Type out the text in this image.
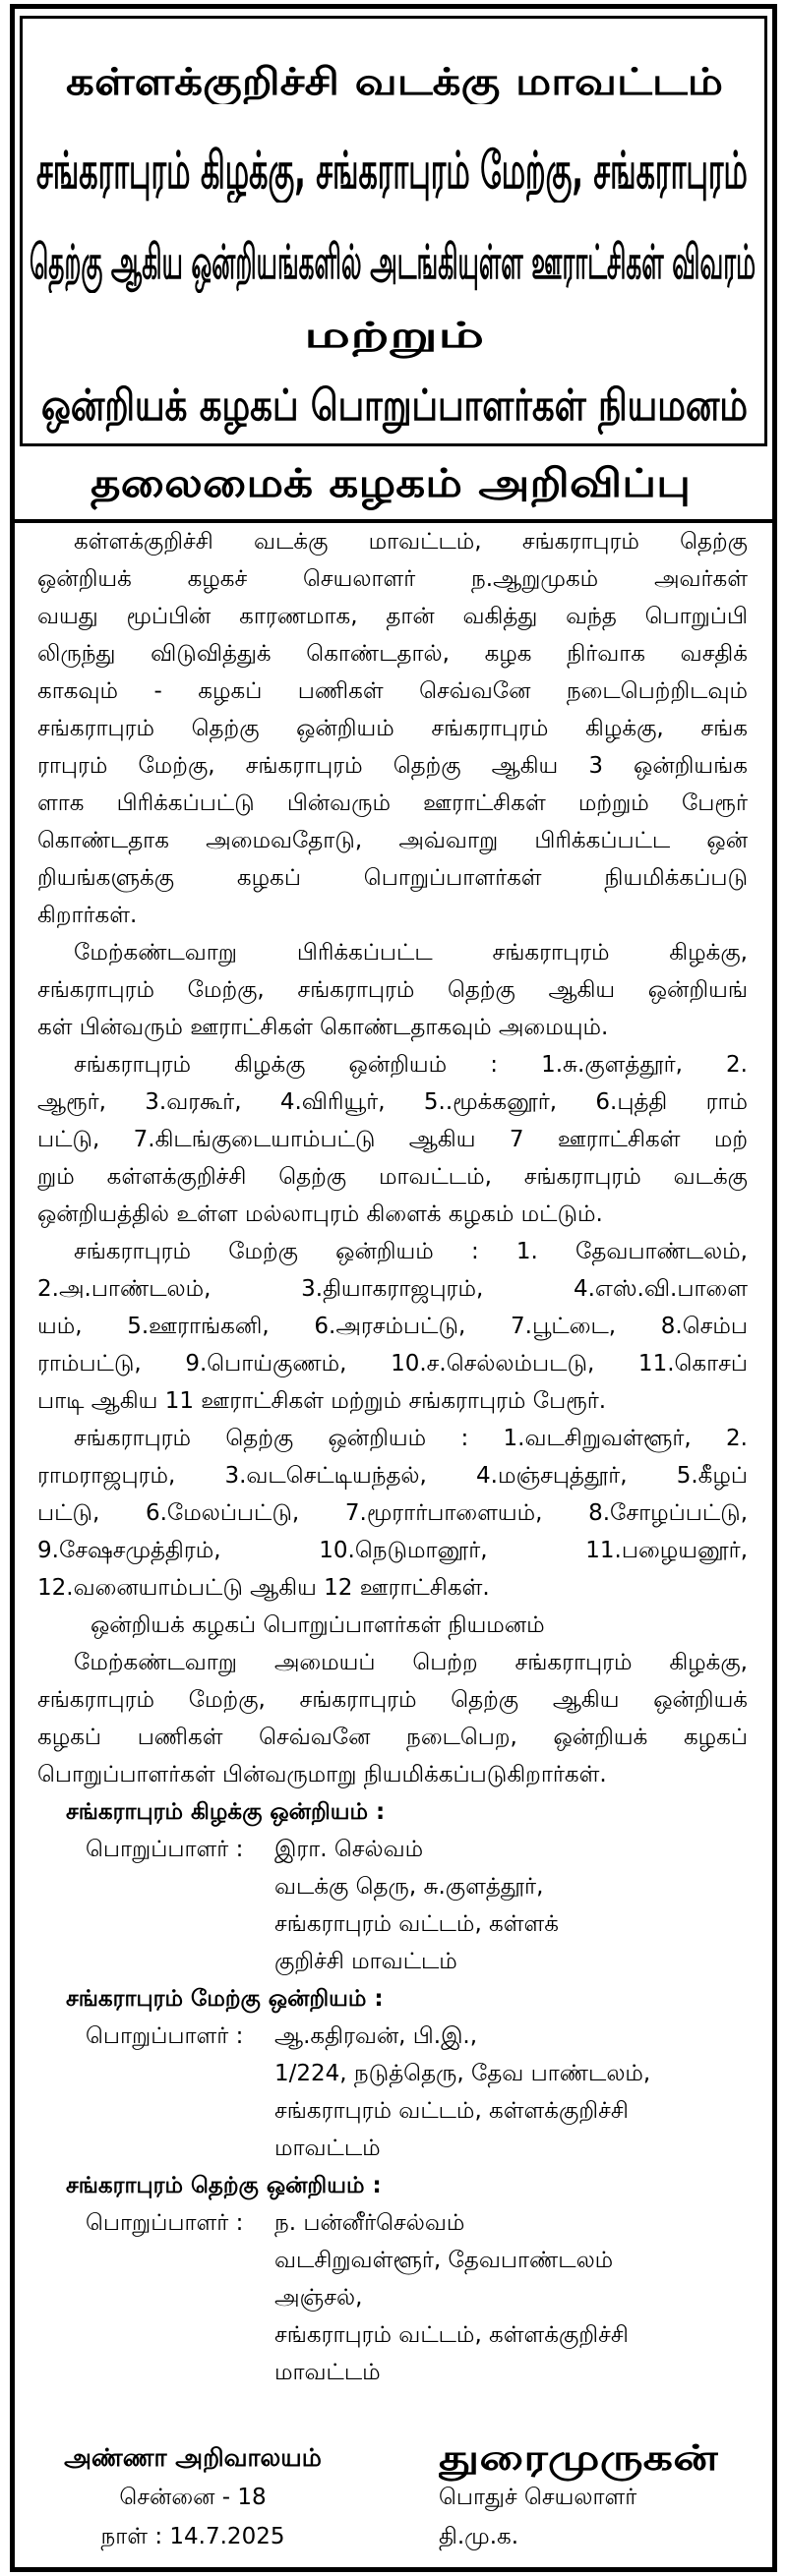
கள்ளக்குறிச்சி வடக்கு மாவட்டம்
சங்கராபுரம் கிழக்கு, சங்கராபுரம் மேற்கு, சங்கராபுரம்
தெற்கு ஆகிய ஒன்றியங்களில் அடங்கியுள்ள ஊராட்சிகள் விவரம்
மற்றும்
ஒன்றியக் கழகப் பொறுப்பாளர்கள் நியமனம்
தலைமைக் கழகம் அறிவிப்பு
கள்ளக்குறிச்சி வடக்கு மாவட்டம், சங்கராபுரம் தெற்கு
ஒன்றியக் கழகச் செயலாளர் ந.ஆறுமுகம் அவர்கள்
வயது மூப்பின் காரணமாக, தான் வகித்து வந்த பொறுப்பி
லிருந்து விடுவித்துக் கொண்டதால், கழக நிர்வாக வசதிக்
காகவும் - கழகப் பணிகள் செவ்வனே நடைபெற்றிடவும்
சங்கராபுரம் தெற்கு ஒன்றியம் சங்கராபுரம் கிழக்கு, சங்க
ராபுரம் மேற்கு, சங்கராபுரம் தெற்கு ஆகிய 3 ஒன்றியங்க
ளாக பிரிக்கப்பட்டு பின்வரும் ஊராட்சிகள் மற்றும் பேரூர்
கொண்டதாக அமைவதோடு, அவ்வாறு பிரிக்கப்பட்ட ஒன்
றியங்களுக்கு கழகப் பொறுப்பாளர்கள் நியமிக்கப்படு
கிறார்கள்.
மேற்கண்டவாறு பிரிக்கப்பட்ட சங்கராபுரம் கிழக்கு,
சங்கராபுரம் மேற்கு, சங்கராபுரம் தெற்கு ஆகிய ஒன்றியங்
கள் பின்வரும் ஊராட்சிகள் கொண்டதாகவும் அமையும்.
சங்கராபுரம் கிழக்கு ஒன்றியம் : 1.சு.குளத்தூர், 2.
ஆரூர், 3.வரகூர், 4.விரியூர், 5..மூக்கனூர், 6.புத்தி ராம்
பட்டு, 7.கிடங்குடையாம்பட்டு ஆகிய 7 ஊராட்சிகள் மற்
றும் கள்ளக்குறிச்சி தெற்கு மாவட்டம், சங்கராபுரம் வடக்கு
ஒன்றியத்தில் உள்ள மல்லாபுரம் கிளைக் கழகம் மட்டும்.
சங்கராபுரம் மேற்கு ஒன்றியம் : 1. தேவபாண்டலம்,
2.அ.பாண்டலம், 3.தியாகராஜபுரம், 4.எஸ்.வி.பாளை
யம், 5.ஊராங்கனி, 6.அரசம்பட்டு, 7.பூட்டை, 8.செம்ப
ராம்பட்டு, 9.பொய்குணம், 10.ச.செல்லம்படடு, 11.கொசப்
பாடி ஆகிய 11 ஊராட்சிகள் மற்றும் சங்கராபுரம் பேரூர்.
சங்கராபுரம் தெற்கு ஒன்றியம் : 1.வடசிறுவள்ளூர், 2.
ராமராஜபுரம், 3.வடசெட்டியந்தல், 4.மஞ்சபுத்தூர், 5.கீழப்
பட்டு, 6.மேலப்பட்டு, 7.மூரார்பாளையம், 8.சோழப்பட்டு,
9.சேஷசமுத்திரம், 10.நெடுமானூர், 11.பழையனூர்,
12.வனையாம்பட்டு ஆகிய 12 ஊராட்சிகள்.
ஒன்றியக் கழகப் பொறுப்பாளர்கள் நியமனம்
மேற்கண்டவாறு அமையப் பெற்ற சங்கராபுரம் கிழக்கு,
சங்கராபுரம் மேற்கு, சங்கராபுரம் தெற்கு ஆகிய ஒன்றியக்
கழகப் பணிகள் செவ்வனே நடைபெற, ஒன்றியக் கழகப்
பொறுப்பாளர்கள் பின்வருமாறு நியமிக்கப்படுகிறார்கள்.
சங்கராபுரம் கிழக்கு ஒன்றியம் :
பொறுப்பாளர் : இரா. செல்வம்
வடக்கு தெரு, சு.குளத்தூர்,
சங்கராபுரம் வட்டம், கள்ளக்
குறிச்சி மாவட்டம்
சங்கராபுரம் மேற்கு ஒன்றியம் :
பொறுப்பாளர் : ஆ.கதிரவன், பி.இ.,
1/224, நடுத்தெரு, தேவ பாண்டலம்,
சங்கராபுரம் வட்டம், கள்ளக்குறிச்சி
மாவட்டம்
சங்கராபுரம் தெற்கு ஒன்றியம் :
பொறுப்பாளர் : ந. பன்னீர்செல்வம்
வடசிறுவள்ளூர், தேவபாண்டலம்
அஞ்சல்,
சங்கராபுரம் வட்டம், கள்ளக்குறிச்சி
மாவட்டம்
அண்ணா அறிவாலயம்
சென்னை - 18
நாள் : 14.7.2025
துரைமுருகன்
பொதுச் செயலாளர்
தி.மு.க.
